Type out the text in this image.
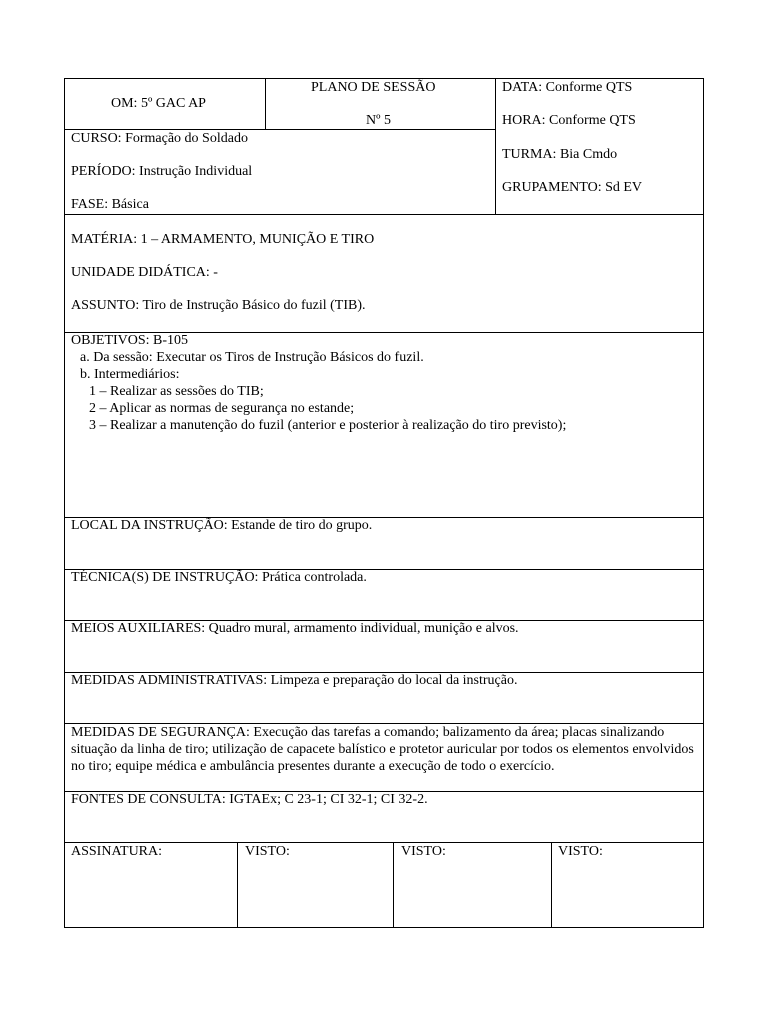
OM: 5º GAC AP
PLANO DE SESSÃO
Nº 5
DATA: Conforme QTS
HORA: Conforme QTS
CURSO: Formação do Soldado
PERÍODO: Instrução Individual
FASE: Básica
TURMA: Bia Cmdo
GRUPAMENTO: Sd EV
MATÉRIA: 1 – ARMAMENTO, MUNIÇÃO E TIRO
UNIDADE DIDÁTICA: -
ASSUNTO: Tiro de Instrução Básico do fuzil (TIB).
OBJETIVOS: B-105
a. Da sessão: Executar os Tiros de Instrução Básicos do fuzil.
b. Intermediários:
1 – Realizar as sessões do TIB;
2 – Aplicar as normas de segurança no estande;
3 – Realizar a manutenção do fuzil (anterior e posterior à realização do tiro previsto);
LOCAL DA INSTRUÇÃO: Estande de tiro do grupo.
TÉCNICA(S) DE INSTRUÇÃO: Prática controlada.
MEIOS AUXILIARES: Quadro mural, armamento individual, munição e alvos.
MEDIDAS ADMINISTRATIVAS: Limpeza e preparação do local da instrução.
MEDIDAS DE SEGURANÇA: Execução das tarefas a comando; balizamento da área; placas sinalizando situação da linha de tiro; utilização de capacete balístico e protetor auricular por todos os elementos envolvidos no tiro; equipe médica e ambulância presentes durante a execução de todo o exercício.
FONTES DE CONSULTA: IGTAEx; C 23-1; CI 32-1; CI 32-2.
ASSINATURA:	VISTO:	VISTO:	VISTO:
